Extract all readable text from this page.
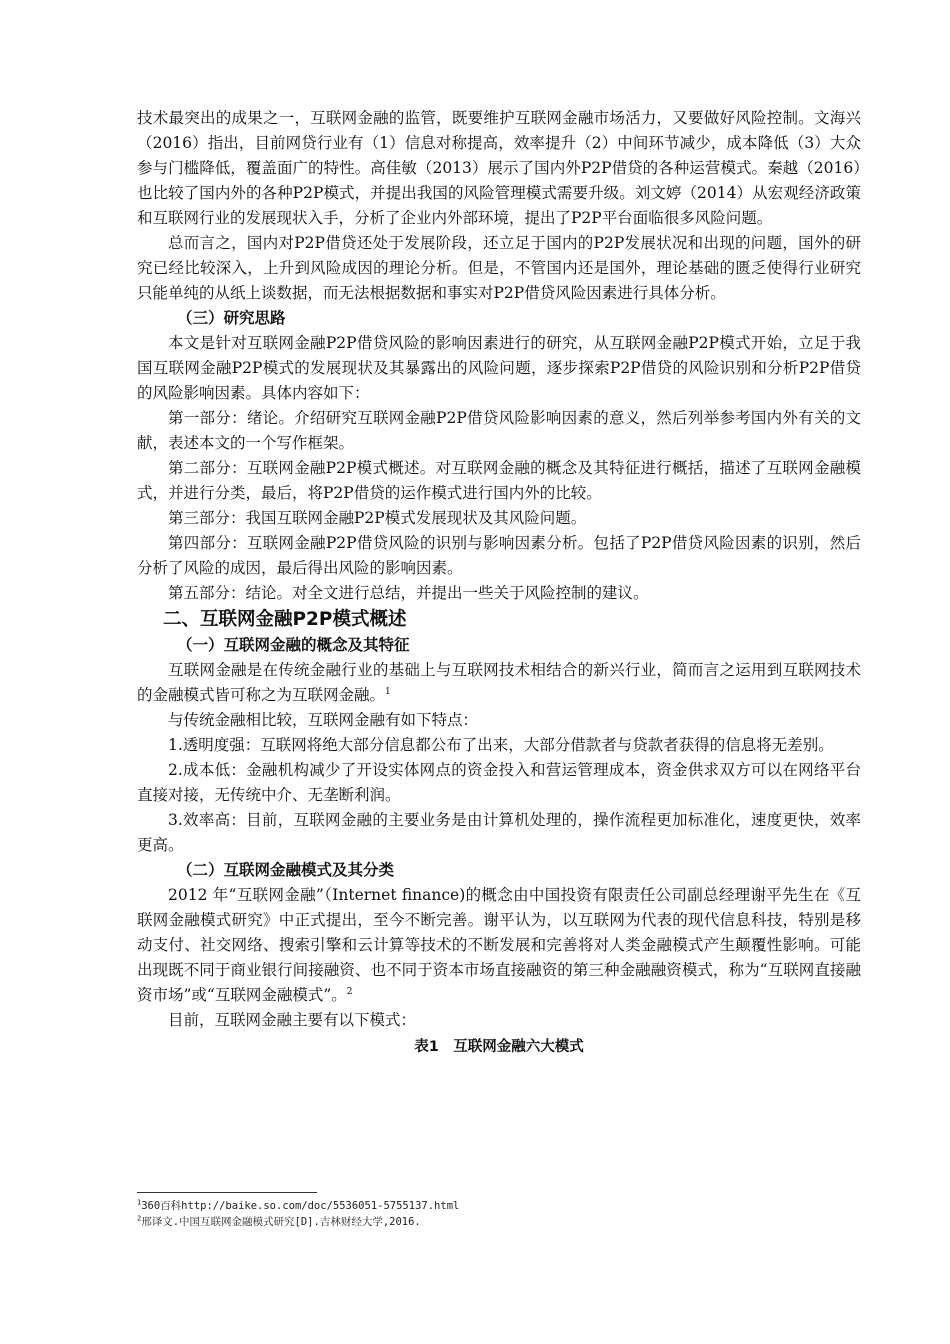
技术最突出的成果之一，互联网金融的监管，既要维护互联网金融市场活力，又要做好风险控制。文海兴（2016）指出，目前网贷行业有（1）信息对称提高，效率提升（2）中间环节减少，成本降低（3）大众参与门槛降低，覆盖面广的特性。高佳敏（2013）展示了国内外P2P借贷的各种运营模式。秦越（2016）也比较了国内外的各种P2P模式，并提出我国的风险管理模式需要升级。刘文婷（2014）从宏观经济政策和互联网行业的发展现状入手，分析了企业内外部环境，提出了P2P平台面临很多风险问题。

总而言之，国内对P2P借贷还处于发展阶段，还立足于国内的P2P发展状况和出现的问题，国外的研究已经比较深入，上升到风险成因的理论分析。但是，不管国内还是国外，理论基础的匮乏使得行业研究只能单纯的从纸上谈数据，而无法根据数据和事实对P2P借贷风险因素进行具体分析。

（三）研究思路

本文是针对互联网金融P2P借贷风险的影响因素进行的研究，从互联网金融P2P模式开始，立足于我国互联网金融P2P模式的发展现状及其暴露出的风险问题，逐步探索P2P借贷的风险识别和分析P2P借贷的风险影响因素。具体内容如下：

第一部分：绪论。介绍研究互联网金融P2P借贷风险影响因素的意义，然后列举参考国内外有关的文献，表述本文的一个写作框架。

第二部分：互联网金融P2P模式概述。对互联网金融的概念及其特征进行概括，描述了互联网金融模式，并进行分类，最后，将P2P借贷的运作模式进行国内外的比较。

第三部分：我国互联网金融P2P模式发展现状及其风险问题。

第四部分：互联网金融P2P借贷风险的识别与影响因素分析。包括了P2P借贷风险因素的识别，然后分析了风险的成因，最后得出风险的影响因素。

第五部分：结论。对全文进行总结，并提出一些关于风险控制的建议。

二、互联网金融P2P模式概述

（一）互联网金融的概念及其特征

互联网金融是在传统金融行业的基础上与互联网技术相结合的新兴行业，简而言之运用到互联网技术的金融模式皆可称之为互联网金融。$^1$

与传统金融相比较，互联网金融有如下特点：

1.透明度强：互联网将绝大部分信息都公布了出来，大部分借款者与贷款者获得的信息将无差别。

2.成本低：金融机构减少了开设实体网点的资金投入和营运管理成本，资金供求双方可以在网络平台直接对接，无传统中介、无垄断利润。

3.效率高：目前，互联网金融的主要业务是由计算机处理的，操作流程更加标准化，速度更快，效率更高。

（二）互联网金融模式及其分类

2012 年“互联网金融”（Internet finance)的概念由中国投资有限责任公司副总经理谢平先生在《互联网金融模式研究》中正式提出，至今不断完善。谢平认为，以互联网为代表的现代信息科技，特别是移动支付、社交网络、搜索引擎和云计算等技术的不断发展和完善将对人类金融模式产生颠覆性影响。可能出现既不同于商业银行间接融资、也不同于资本市场直接融资的第三种金融融资模式，称为“互联网直接融资市场”或“互联网金融模式”。$^2$

目前，互联网金融主要有以下模式：

表1　互联网金融六大模式

$^1$360百科http://baike.so.com/doc/5536051-5755137.html

$^2$邢译文.中国互联网金融模式研究[D].吉林财经大学,2016.
